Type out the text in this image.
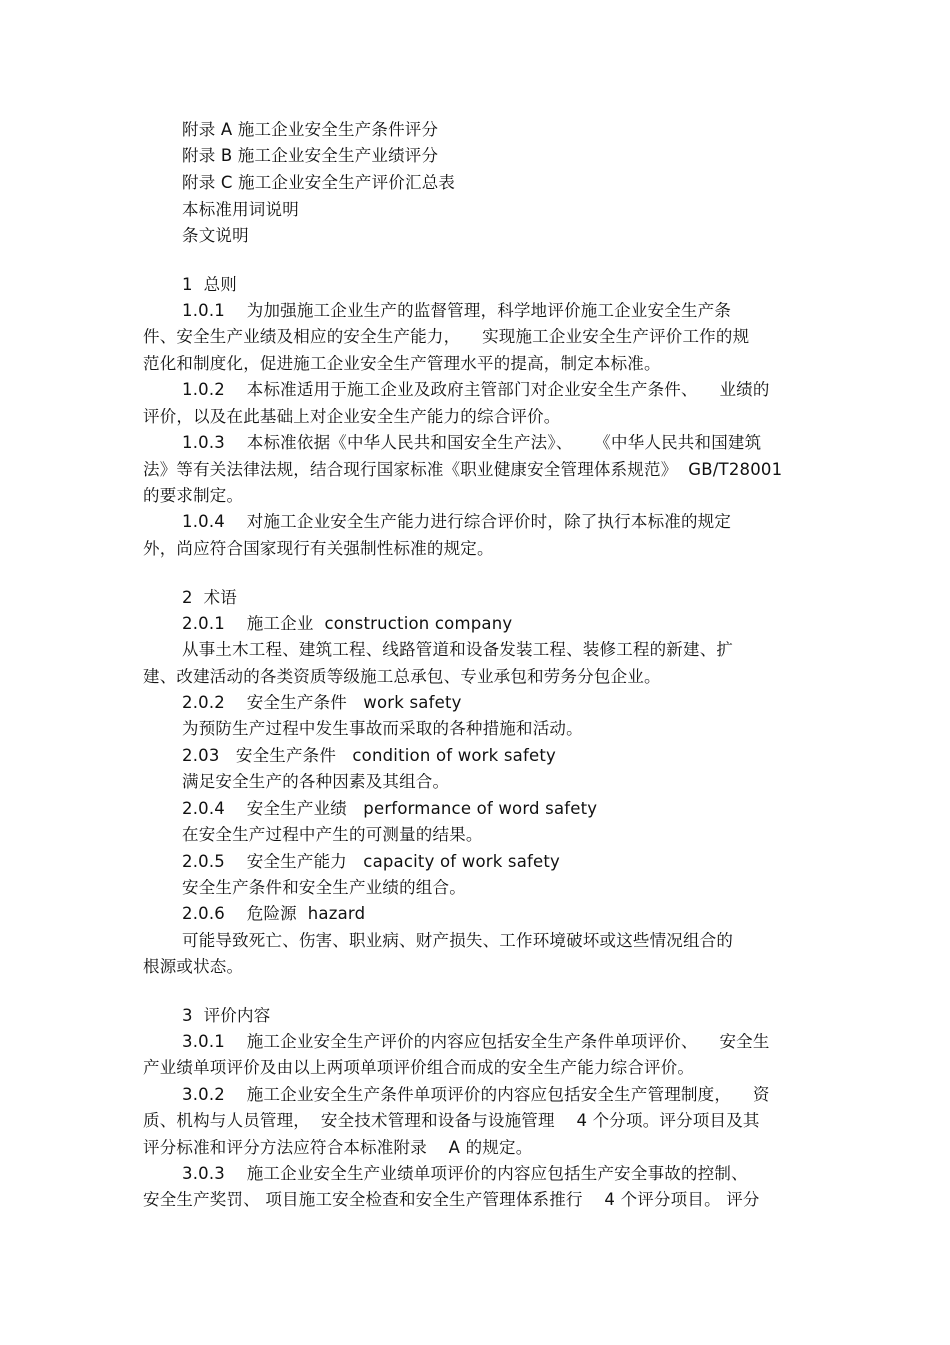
附录 A 施工企业安全生产条件评分
附录 B 施工企业安全生产业绩评分
附录 C 施工企业安全生产评价汇总表
本标准用词说明
条文说明
1  总则
1.0.1    为加强施工企业生产的监督管理，科学地评价施工企业安全生产条
件、安全生产业绩及相应的安全生产能力，    实现施工企业安全生产评价工作的规
范化和制度化，促进施工企业安全生产管理水平的提高，制定本标准。
1.0.2    本标准适用于施工企业及政府主管部门对企业安全生产条件、    业绩的
评价，以及在此基础上对企业安全生产能力的综合评价。
1.0.3    本标准依据《中华人民共和国安全生产法》、    《中华人民共和国建筑
法》等有关法律法规，结合现行国家标准《职业健康安全管理体系规范》  GB/T28001
的要求制定。
1.0.4    对施工企业安全生产能力进行综合评价时，除了执行本标准的规定
外，尚应符合国家现行有关强制性标准的规定。
2  术语
2.0.1    施工企业  construction company
从事土木工程、建筑工程、线路管道和设备发装工程、装修工程的新建、扩
建、改建活动的各类资质等级施工总承包、专业承包和劳务分包企业。
2.0.2    安全生产条件   work safety
为预防生产过程中发生事故而采取的各种措施和活动。
2.03   安全生产条件   condition of work safety
满足安全生产的各种因素及其组合。
2.0.4    安全生产业绩   performance of word safety
在安全生产过程中产生的可测量的结果。
2.0.5    安全生产能力   capacity of work safety
安全生产条件和安全生产业绩的组合。
2.0.6    危险源  hazard
可能导致死亡、伤害、职业病、财产损失、工作环境破坏或这些情况组合的
根源或状态。
3  评价内容
3.0.1    施工企业安全生产评价的内容应包括安全生产条件单项评价、    安全生
产业绩单项评价及由以上两项单项评价组合而成的安全生产能力综合评价。
3.0.2    施工企业安全生产条件单项评价的内容应包括安全生产管理制度，    资
质、机构与人员管理，  安全技术管理和设备与设施管理    4 个分项。评分项目及其
评分标准和评分方法应符合本标准附录    A 的规定。
3.0.3    施工企业安全生产业绩单项评价的内容应包括生产安全事故的控制、
安全生产奖罚、 项目施工安全检查和安全生产管理体系推行    4 个评分项目。 评分
